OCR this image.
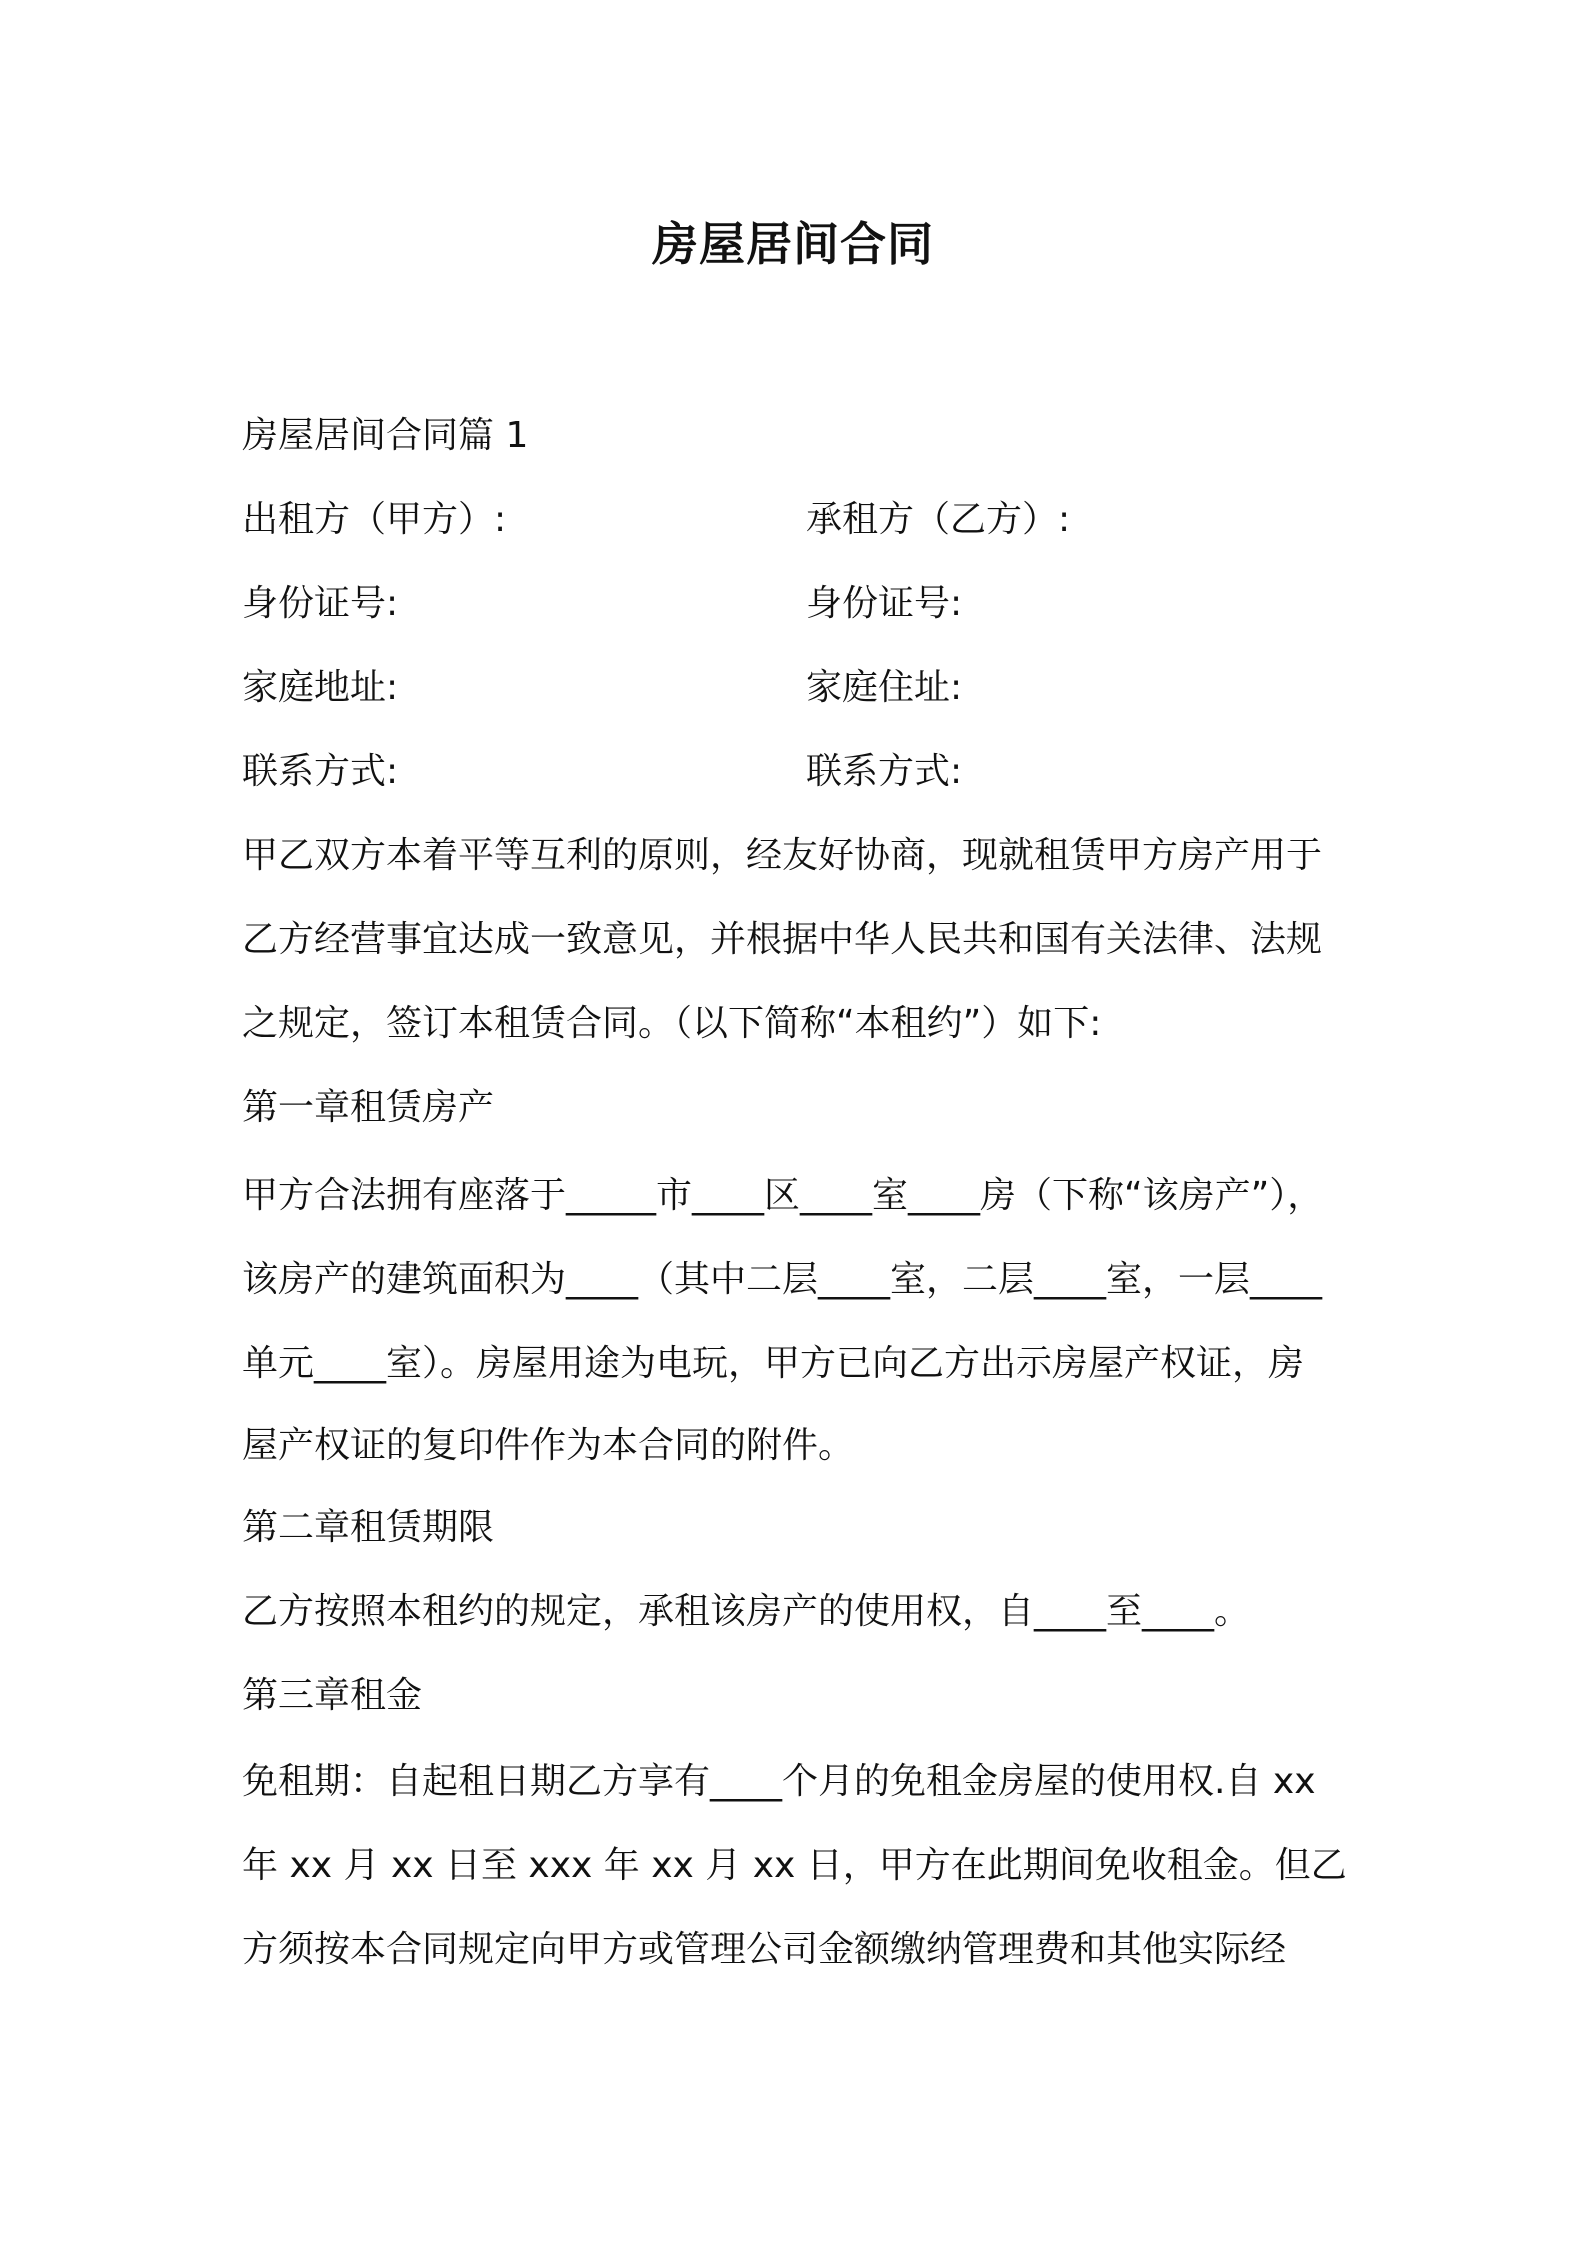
房屋居间合同
房屋居间合同篇 1
出租方（甲方）:	承租方（乙方）:
身份证号:	身份证号:
家庭地址:	家庭住址:
联系方式:	联系方式:
甲乙双方本着平等互利的原则，经友好协商，现就租赁甲方房产用于
乙方经营事宜达成一致意见，并根据中华人民共和国有关法律、法规
之规定，签订本租赁合同。（以下简称“本租约”）如下:
第一章租赁房产
甲方合法拥有座落于_____市____区____室____房（下称“该房产”），
该房产的建筑面积为____（其中二层____室，二层____室，一层____
单元____室）。房屋用途为电玩，甲方已向乙方出示房屋产权证，房
屋产权证的复印件作为本合同的附件。
第二章租赁期限
乙方按照本租约的规定，承租该房产的使用权，自____至____。
第三章租金
免租期：自起租日期乙方享有____个月的免租金房屋的使用权.自 xx
年 xx 月 xx 日至 xxx 年 xx 月 xx 日，甲方在此期间免收租金。但乙
方须按本合同规定向甲方或管理公司金额缴纳管理费和其他实际经
